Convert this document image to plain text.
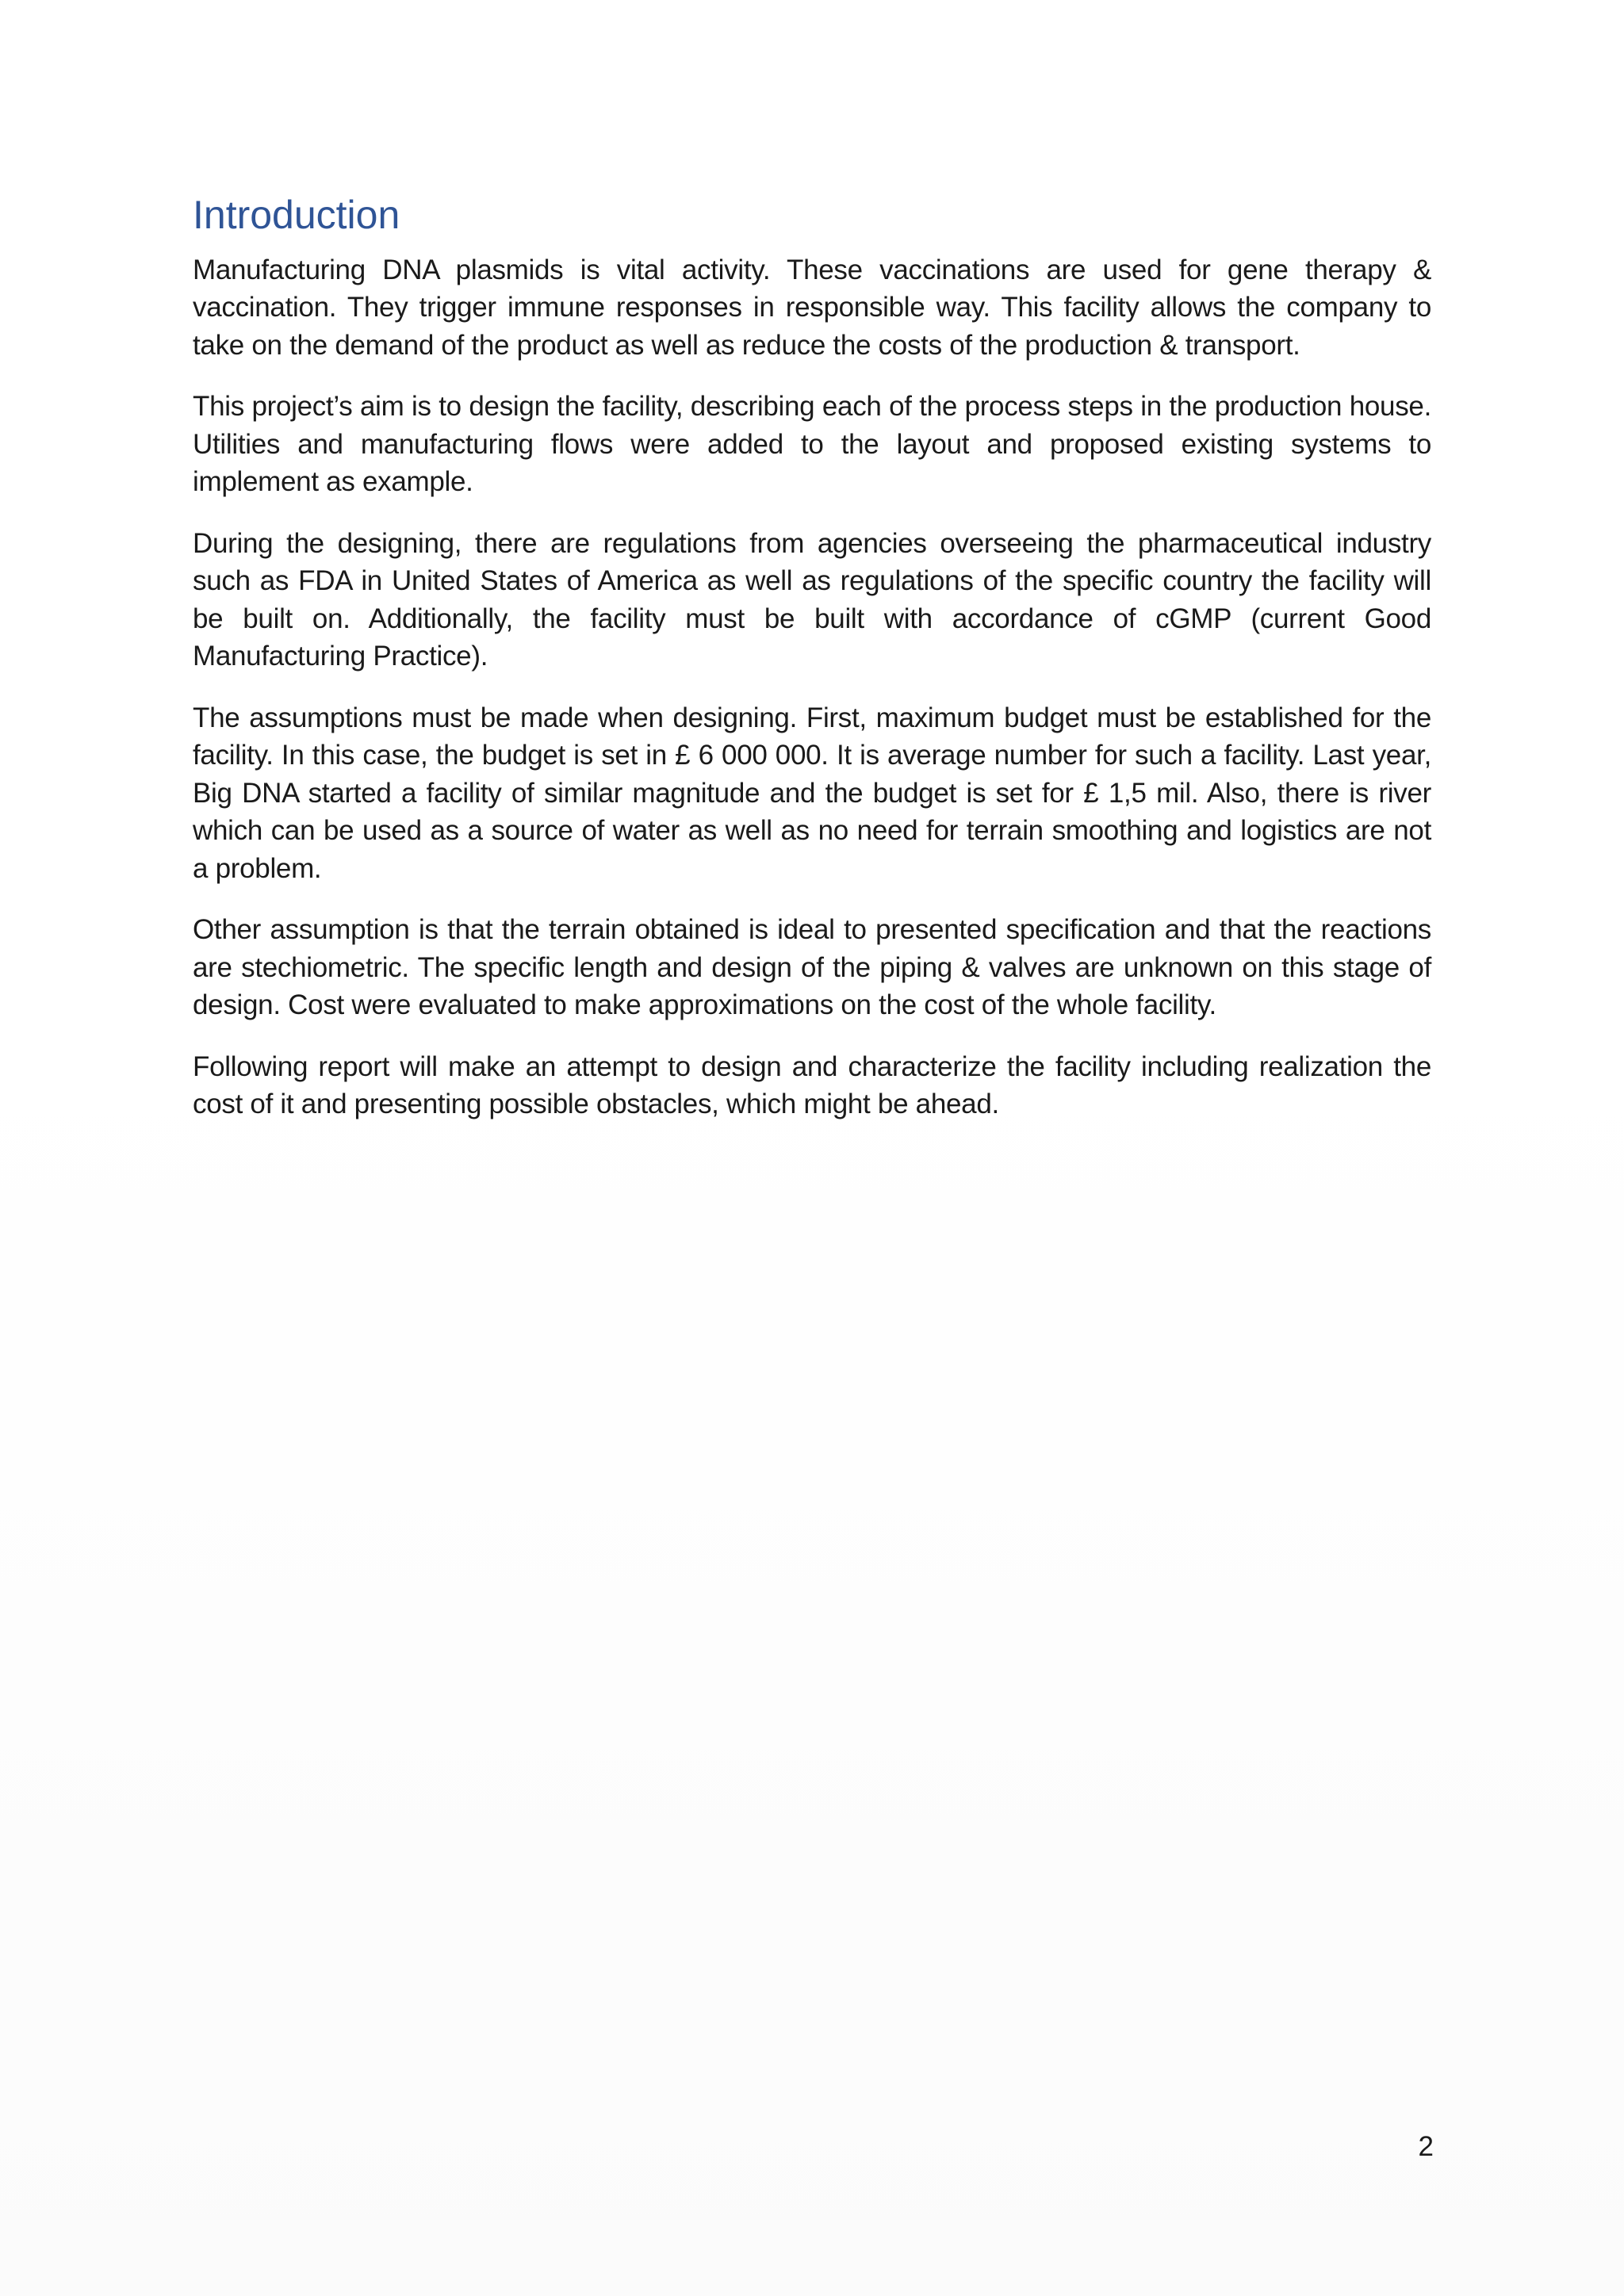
Introduction

Manufacturing DNA plasmids is vital activity. These vaccinations are used for gene therapy & vaccination. They trigger immune responses in responsible way. This facility allows the company to take on the demand of the product as well as reduce the costs of the production & transport.

This project’s aim is to design the facility, describing each of the process steps in the production house. Utilities and manufacturing flows were added to the layout and proposed existing systems to implement as example.

During the designing, there are regulations from agencies overseeing the pharmaceutical industry such as FDA in United States of America as well as regulations of the specific country the facility will be built on. Additionally, the facility must be built with accordance of cGMP (current Good Manufacturing Practice).

The assumptions must be made when designing. First, maximum budget must be established for the facility. In this case, the budget is set in £ 6 000 000. It is average number for such a facility. Last year, Big DNA started a facility of similar magnitude and the budget is set for £ 1,5 mil. Also, there is river which can be used as a source of water as well as no need for terrain smoothing and logistics are not a problem.

Other assumption is that the terrain obtained is ideal to presented specification and that the reactions are stechiometric. The specific length and design of the piping & valves are unknown on this stage of design. Cost were evaluated to make approximations on the cost of the whole facility.

Following report will make an attempt to design and characterize the facility including realization the cost of it and presenting possible obstacles, which might be ahead.

2
